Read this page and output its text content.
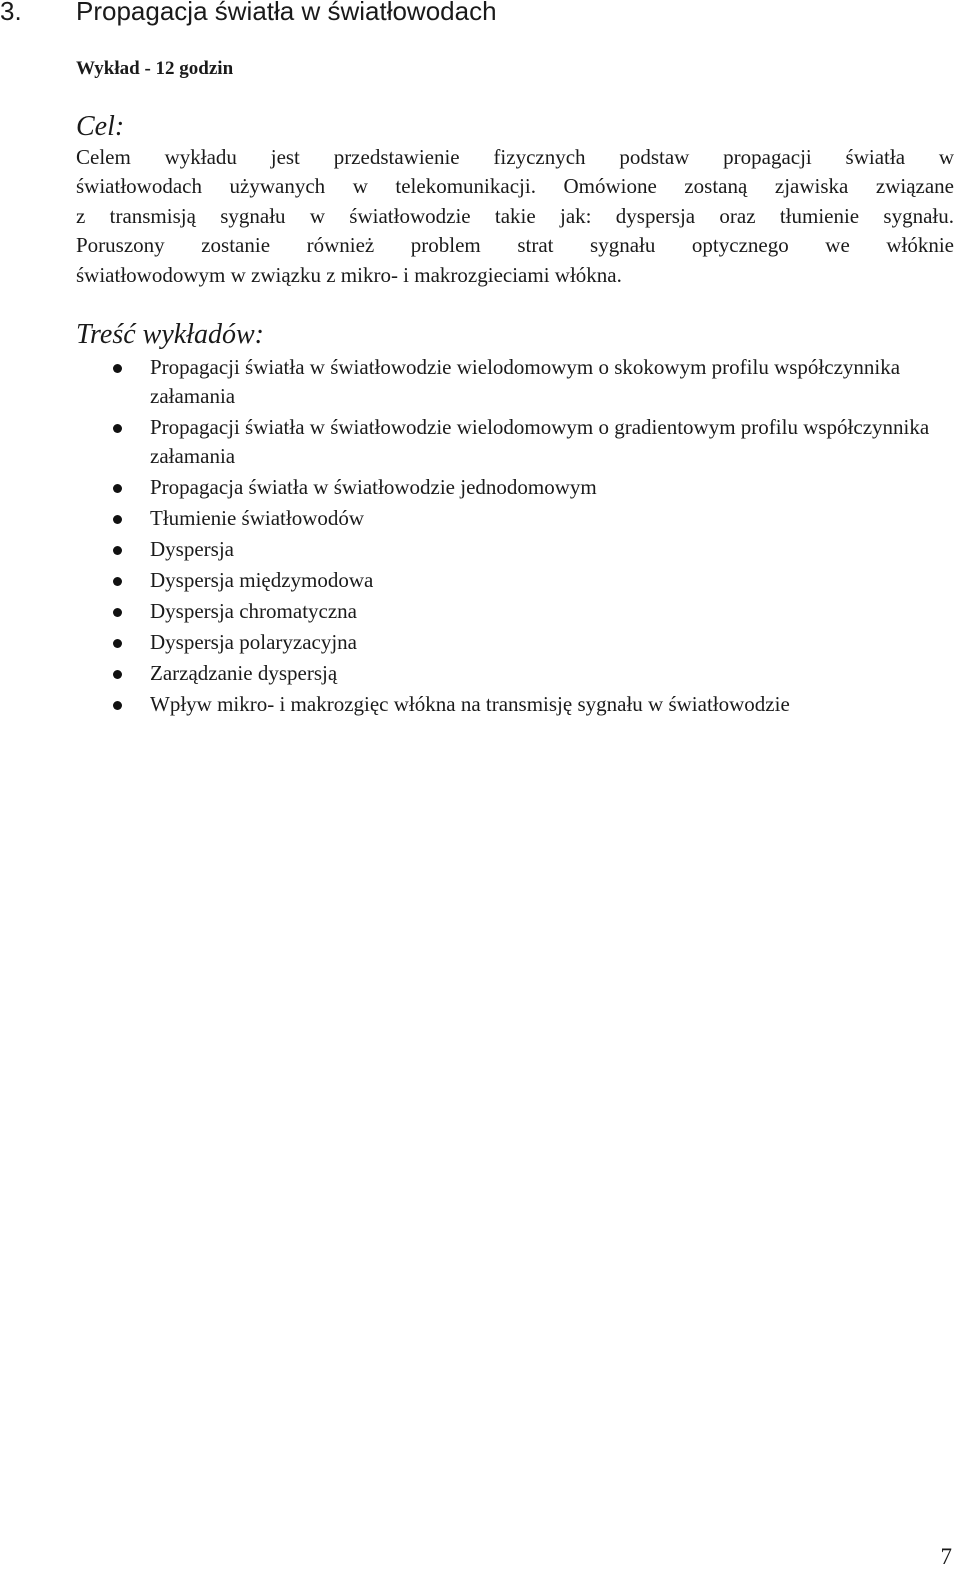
3. Propagacja światła w światłowodach
Wykład - 12 godzin
Cel:

Celem wykładu jest przedstawienie fizycznych podstaw propagacji światła w
światłowodach używanych w telekomunikacji. Omówione zostaną zjawiska związane
z transmisją sygnału w światłowodzie takie jak: dyspersja oraz tłumienie sygnału.
Poruszony zostanie również problem strat sygnału optycznego we włóknie
światłowodowym w związku z mikro- i makrozgieciami włókna.

Treść wykładów:
Propagacji światła w światłowodzie wielodomowym o skokowym profilu współczynnika załamania
Propagacji światła w światłowodzie wielodomowym o gradientowym profilu współczynnika załamania
Propagacja światła w światłowodzie jednodomowym
Tłumienie światłowodów
Dyspersja
Dyspersja międzymodowa
Dyspersja chromatyczna
Dyspersja polaryzacyjna
Zarządzanie dyspersją
Wpływ mikro- i makrozgięc włókna na transmisję sygnału w światłowodzie
7
